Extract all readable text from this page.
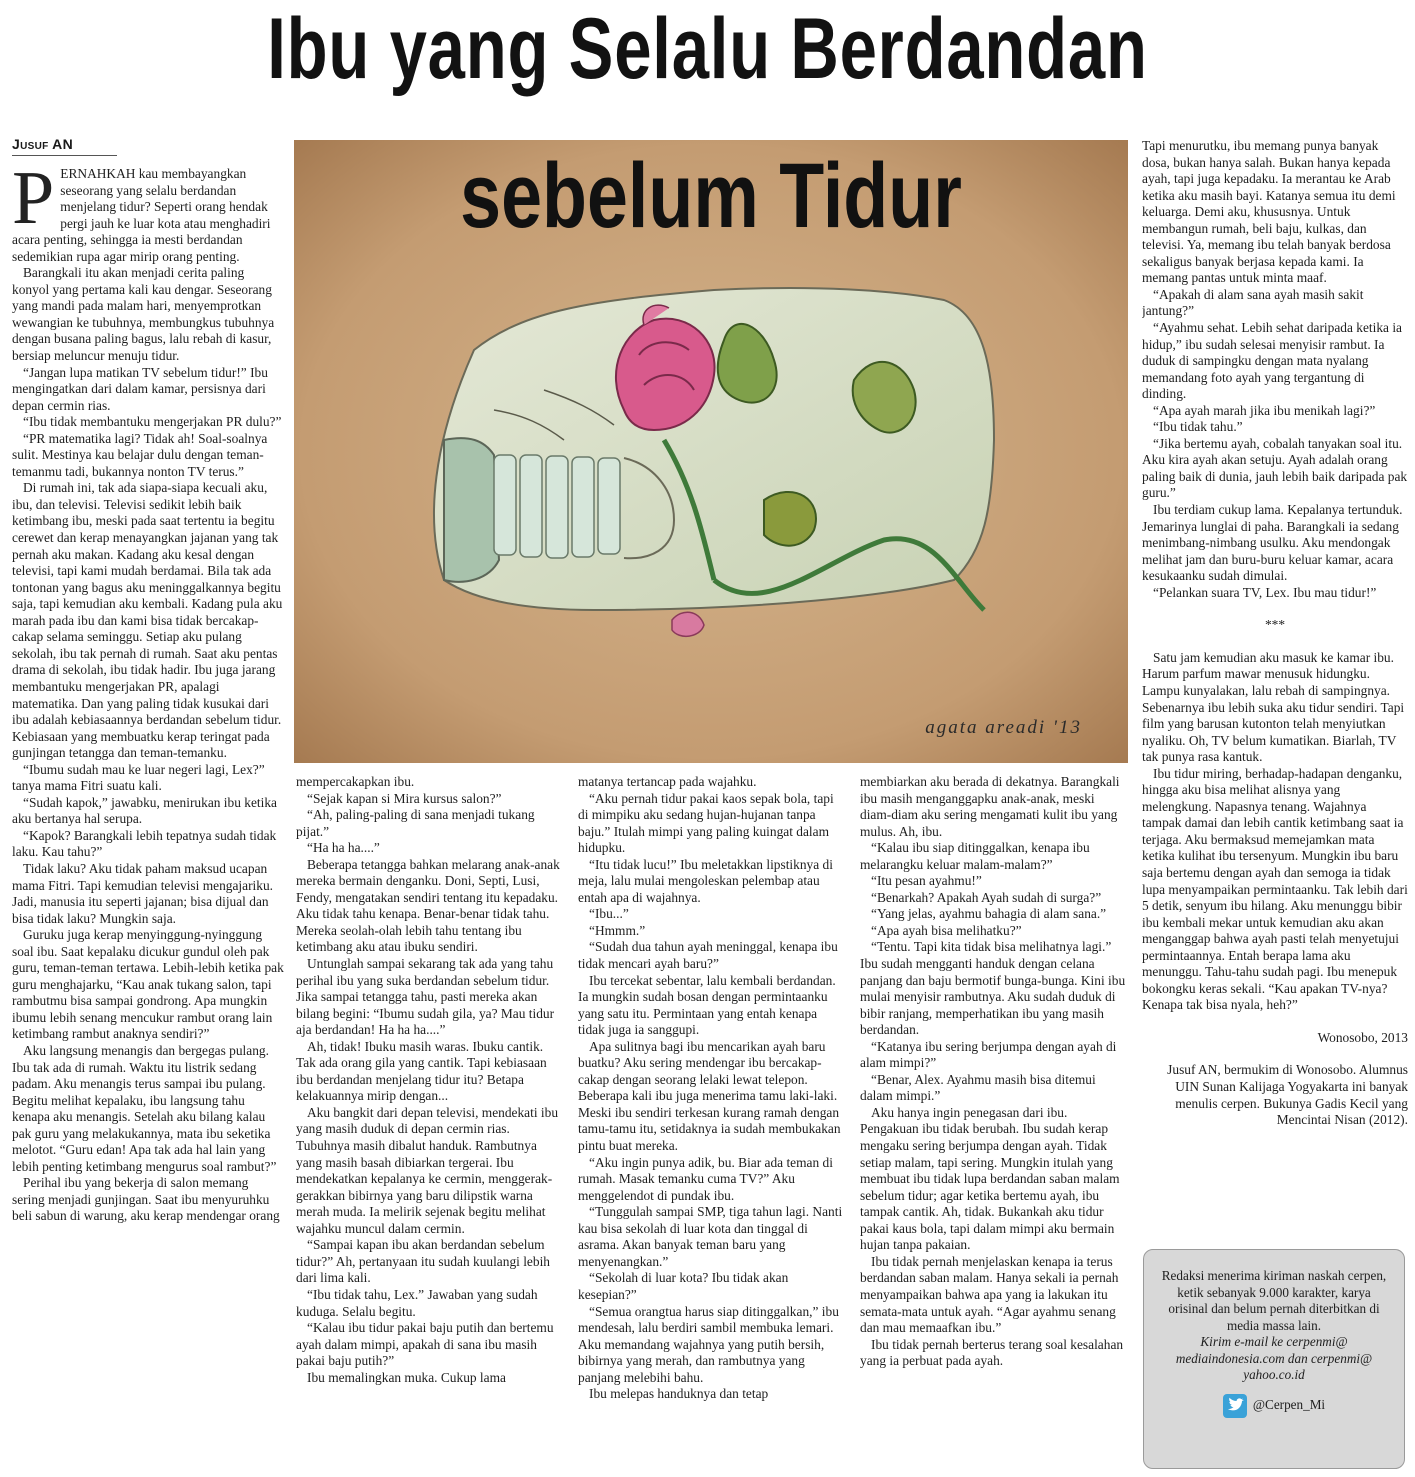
Ibu yang Selalu Berdandan
Jusuf AN

PERNAHKAH kau membayangkan seseorang yang selalu berdandan menjelang tidur? Seperti orang hendak pergi jauh ke luar kota atau menghadiri acara penting, sehingga ia mesti berdandan sedemikian rupa agar mirip orang penting.

Barangkali itu akan menjadi cerita paling konyol yang pertama kali kau dengar. Seseorang yang mandi pada malam hari, menyemprotkan wewangian ke tubuhnya, membungkus tubuhnya dengan busana paling bagus, lalu rebah di kasur, bersiap meluncur menuju tidur.

“Jangan lupa matikan TV sebelum tidur!” Ibu mengingatkan dari dalam kamar, persisnya dari depan cermin rias.

“Ibu tidak membantuku mengerjakan PR dulu?”

“PR matematika lagi? Tidak ah! Soal-soalnya sulit. Mestinya kau belajar dulu dengan teman-temanmu tadi, bukannya nonton TV terus.”

Di rumah ini, tak ada siapa-siapa kecuali aku, ibu, dan televisi. Televisi sedikit lebih baik ketimbang ibu, meski pada saat tertentu ia begitu cerewet dan kerap menayangkan jajanan yang tak pernah aku makan. Kadang aku kesal dengan televisi, tapi kami mudah berdamai. Bila tak ada tontonan yang bagus aku meninggalkannya begitu saja, tapi kemudian aku kembali. Kadang pula aku marah pada ibu dan kami bisa tidak bercakap-cakap selama seminggu. Setiap aku pulang sekolah, ibu tak pernah di rumah. Saat aku pentas drama di sekolah, ibu tidak hadir. Ibu juga jarang membantuku mengerjakan PR, apalagi matematika. Dan yang paling tidak kusukai dari ibu adalah kebiasaannya berdandan sebelum tidur. Kebiasaan yang membuatku kerap teringat pada gunjingan tetangga dan teman-temanku.

“Ibumu sudah mau ke luar negeri lagi, Lex?” tanya mama Fitri suatu kali.

“Sudah kapok,” jawabku, menirukan ibu ketika aku bertanya hal serupa.

“Kapok? Barangkali lebih tepatnya sudah tidak laku. Kau tahu?”

Tidak laku? Aku tidak paham maksud ucapan mama Fitri. Tapi kemudian televisi mengajariku. Jadi, manusia itu seperti jajanan; bisa dijual dan bisa tidak laku? Mungkin saja.

Guruku juga kerap menyinggung-nyinggung soal ibu. Saat kepalaku dicukur gundul oleh pak guru, teman-teman tertawa. Lebih-lebih ketika pak guru menghajarku, “Kau anak tukang salon, tapi rambutmu bisa sampai gondrong. Apa mungkin ibumu lebih senang mencukur rambut orang lain ketimbang rambut anaknya sendiri?”

Aku langsung menangis dan bergegas pulang. Ibu tak ada di rumah. Waktu itu listrik sedang padam. Aku menangis terus sampai ibu pulang. Begitu melihat kepalaku, ibu langsung tahu kenapa aku menangis. Setelah aku bilang kalau pak guru yang melakukannya, mata ibu seketika melotot. “Guru edan! Apa tak ada hal lain yang lebih penting ketimbang mengurus soal rambut?”

Perihal ibu yang bekerja di salon memang sering menjadi gunjingan. Saat ibu menyuruhku beli sabun di warung, aku kerap mendengar orang

sebelum Tidur
agata areadi '13

mempercakapkan ibu.

“Sejak kapan si Mira kursus salon?”

“Ah, paling-paling di sana menjadi tukang pijat.”

“Ha ha ha....”

Beberapa tetangga bahkan melarang anak-anak mereka bermain denganku. Doni, Septi, Lusi, Fendy, mengatakan sendiri tentang itu kepadaku. Aku tidak tahu kenapa. Benar-benar tidak tahu. Mereka seolah-olah lebih tahu tentang ibu ketimbang aku atau ibuku sendiri.

Untunglah sampai sekarang tak ada yang tahu perihal ibu yang suka berdandan sebelum tidur. Jika sampai tetangga tahu, pasti mereka akan bilang begini: “Ibumu sudah gila, ya? Mau tidur aja berdandan! Ha ha ha....”

Ah, tidak! Ibuku masih waras. Ibuku cantik. Tak ada orang gila yang cantik. Tapi kebiasaan ibu berdandan menjelang tidur itu? Betapa kelakuannya mirip dengan...

Aku bangkit dari depan televisi, mendekati ibu yang masih duduk di depan cermin rias. Tubuhnya masih dibalut handuk. Rambutnya yang masih basah dibiarkan tergerai. Ibu mendekatkan kepalanya ke cermin, menggerak-gerakkan bibirnya yang baru dilipstik warna merah muda. Ia melirik sejenak begitu melihat wajahku muncul dalam cermin.

“Sampai kapan ibu akan berdandan sebelum tidur?” Ah, pertanyaan itu sudah kuulangi lebih dari lima kali.

“Ibu tidak tahu, Lex.” Jawaban yang sudah kuduga. Selalu begitu.

“Kalau ibu tidur pakai baju putih dan bertemu ayah dalam mimpi, apakah di sana ibu masih pakai baju putih?”

Ibu memalingkan muka. Cukup lama

matanya tertancap pada wajahku.

“Aku pernah tidur pakai kaos sepak bola, tapi di mimpiku aku sedang hujan-hujanan tanpa baju.” Itulah mimpi yang paling kuingat dalam hidupku.

“Itu tidak lucu!” Ibu meletakkan lipstiknya di meja, lalu mulai mengoleskan pelembap atau entah apa di wajahnya.

“Ibu...”

“Hmmm.”

“Sudah dua tahun ayah meninggal, kenapa ibu tidak mencari ayah baru?”

Ibu tercekat sebentar, lalu kembali berdandan. Ia mungkin sudah bosan dengan permintaanku yang satu itu. Permintaan yang entah kenapa tidak juga ia sanggupi.

Apa sulitnya bagi ibu mencarikan ayah baru buatku? Aku sering mendengar ibu bercakap-cakap dengan seorang lelaki lewat telepon. Beberapa kali ibu juga menerima tamu laki-laki. Meski ibu sendiri terkesan kurang ramah dengan tamu-tamu itu, setidaknya ia sudah membukakan pintu buat mereka.

“Aku ingin punya adik, bu. Biar ada teman di rumah. Masak temanku cuma TV?” Aku menggelendot di pundak ibu.

“Tunggulah sampai SMP, tiga tahun lagi. Nanti kau bisa sekolah di luar kota dan tinggal di asrama. Akan banyak teman baru yang menyenangkan.”

“Sekolah di luar kota? Ibu tidak akan kesepian?”

“Semua orangtua harus siap ditinggalkan,” ibu mendesah, lalu berdiri sambil membuka lemari. Aku memandang wajahnya yang putih bersih, bibirnya yang merah, dan rambutnya yang panjang melebihi bahu.

Ibu melepas handuknya dan tetap

membiarkan aku berada di dekatnya. Barangkali ibu masih menganggapku anak-anak, meski diam-diam aku sering mengamati kulit ibu yang mulus. Ah, ibu.

“Kalau ibu siap ditinggalkan, kenapa ibu melarangku keluar malam-malam?”

“Itu pesan ayahmu!”

“Benarkah? Apakah Ayah sudah di surga?”

“Yang jelas, ayahmu bahagia di alam sana.”

“Apa ayah bisa melihatku?”

“Tentu. Tapi kita tidak bisa melihatnya lagi.” Ibu sudah mengganti handuk dengan celana panjang dan baju bermotif bunga-bunga. Kini ibu mulai menyisir rambutnya. Aku sudah duduk di bibir ranjang, memperhatikan ibu yang masih berdandan.

“Katanya ibu sering berjumpa dengan ayah di alam mimpi?”

“Benar, Alex. Ayahmu masih bisa ditemui dalam mimpi.”

Aku hanya ingin penegasan dari ibu. Pengakuan ibu tidak berubah. Ibu sudah kerap mengaku sering berjumpa dengan ayah. Tidak setiap malam, tapi sering. Mungkin itulah yang membuat ibu tidak lupa berdandan saban malam sebelum tidur; agar ketika bertemu ayah, ibu tampak cantik. Ah, tidak. Bukankah aku tidur pakai kaus bola, tapi dalam mimpi aku bermain hujan tanpa pakaian.

Ibu tidak pernah menjelaskan kenapa ia terus berdandan saban malam. Hanya sekali ia pernah menyampaikan bahwa apa yang ia lakukan itu semata-mata untuk ayah. “Agar ayahmu senang dan mau memaafkan ibu.”

Ibu tidak pernah berterus terang soal kesalahan yang ia perbuat pada ayah.

Tapi menurutku, ibu memang punya banyak dosa, bukan hanya salah. Bukan hanya kepada ayah, tapi juga kepadaku. Ia merantau ke Arab ketika aku masih bayi. Katanya semua itu demi keluarga. Demi aku, khususnya. Untuk membangun rumah, beli baju, kulkas, dan televisi. Ya, memang ibu telah banyak berdosa sekaligus banyak berjasa kepada kami. Ia memang pantas untuk minta maaf.

“Apakah di alam sana ayah masih sakit jantung?”

“Ayahmu sehat. Lebih sehat daripada ketika ia hidup,” ibu sudah selesai menyisir rambut. Ia duduk di sampingku dengan mata nyalang memandang foto ayah yang tergantung di dinding.

“Apa ayah marah jika ibu menikah lagi?”

“Ibu tidak tahu.”

“Jika bertemu ayah, cobalah tanyakan soal itu. Aku kira ayah akan setuju. Ayah adalah orang paling baik di dunia, jauh lebih baik daripada pak guru.”

Ibu terdiam cukup lama. Kepalanya tertunduk. Jemarinya lunglai di paha. Barangkali ia sedang menimbang-nimbang usulku. Aku mendongak melihat jam dan buru-buru keluar kamar, acara kesukaanku sudah dimulai.

“Pelankan suara TV, Lex. Ibu mau tidur!”

***

Satu jam kemudian aku masuk ke kamar ibu. Harum parfum mawar menusuk hidungku. Lampu kunyalakan, lalu rebah di sampingnya. Sebenarnya ibu lebih suka aku tidur sendiri. Tapi film yang barusan kutonton telah menyiutkan nyaliku. Oh, TV belum kumatikan. Biarlah, TV tak punya rasa kantuk.

Ibu tidur miring, berhadap-hadapan denganku, hingga aku bisa melihat alisnya yang melengkung. Napasnya tenang. Wajahnya tampak damai dan lebih cantik ketimbang saat ia terjaga. Aku bermaksud memejamkan mata ketika kulihat ibu tersenyum. Mungkin ibu baru saja bertemu dengan ayah dan semoga ia tidak lupa menyampaikan permintaanku. Tak lebih dari 5 detik, senyum ibu hilang. Aku menunggu bibir ibu kembali mekar untuk kemudian aku akan menganggap bahwa ayah pasti telah menyetujui permintaannya. Entah berapa lama aku menunggu. Tahu-tahu sudah pagi. Ibu menepuk bokongku keras sekali. “Kau apakan TV-nya? Kenapa tak bisa nyala, heh?”

Wonosobo, 2013

Jusuf AN, bermukim di Wonosobo. Alumnus UIN Sunan Kalijaga Yogyakarta ini banyak menulis cerpen. Bukunya Gadis Kecil yang Mencintai Nisan (2012).

Redaksi menerima kiriman naskah cerpen, ketik sebanyak 9.000 karakter, karya orisinal dan belum pernah diterbitkan di media massa lain.
Kirim e-mail ke cerpenmi@ mediaindonesia.com dan cerpenmi@ yahoo.co.id
@Cerpen_Mi
